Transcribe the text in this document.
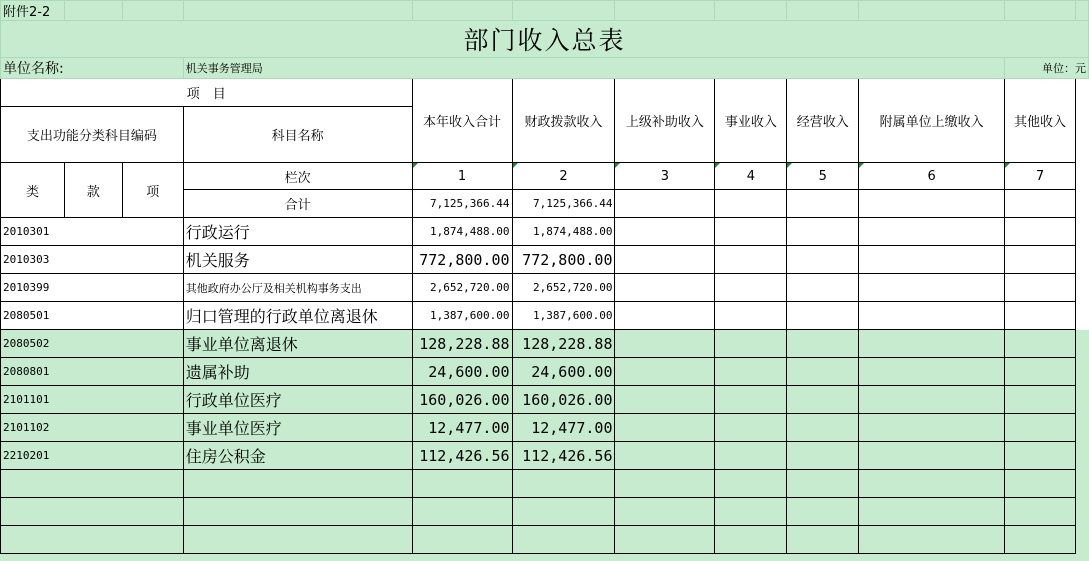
附件2-2											
部门收入总表											
单位名称:			机关事务管理局							单位：元	
项　目				本年收入合计	财政拨款收入	上级补助收入	事业收入	经营收入	附属单位上缴收入	其他收入	
支出功能分类科目编码			科目名称								

类	款	项	栏次	1	2	3	4	5	6	7	
			合计	7,125,366.44	7,125,366.44						
2010301			行政运行	1,874,488.00	1,874,488.00						
2010303			机关服务	772,800.00	772,800.00						
2010399			其他政府办公厅及相关机构事务支出	2,652,720.00	2,652,720.00						
2080501			归口管理的行政单位离退休	1,387,600.00	1,387,600.00						
2080502			事业单位离退休	128,228.88	128,228.88						
2080801			遗属补助	24,600.00	24,600.00						
2101101			行政单位医疗	160,026.00	160,026.00						
2101102			事业单位医疗	12,477.00	12,477.00						
2210201			住房公积金	112,426.56	112,426.56						
